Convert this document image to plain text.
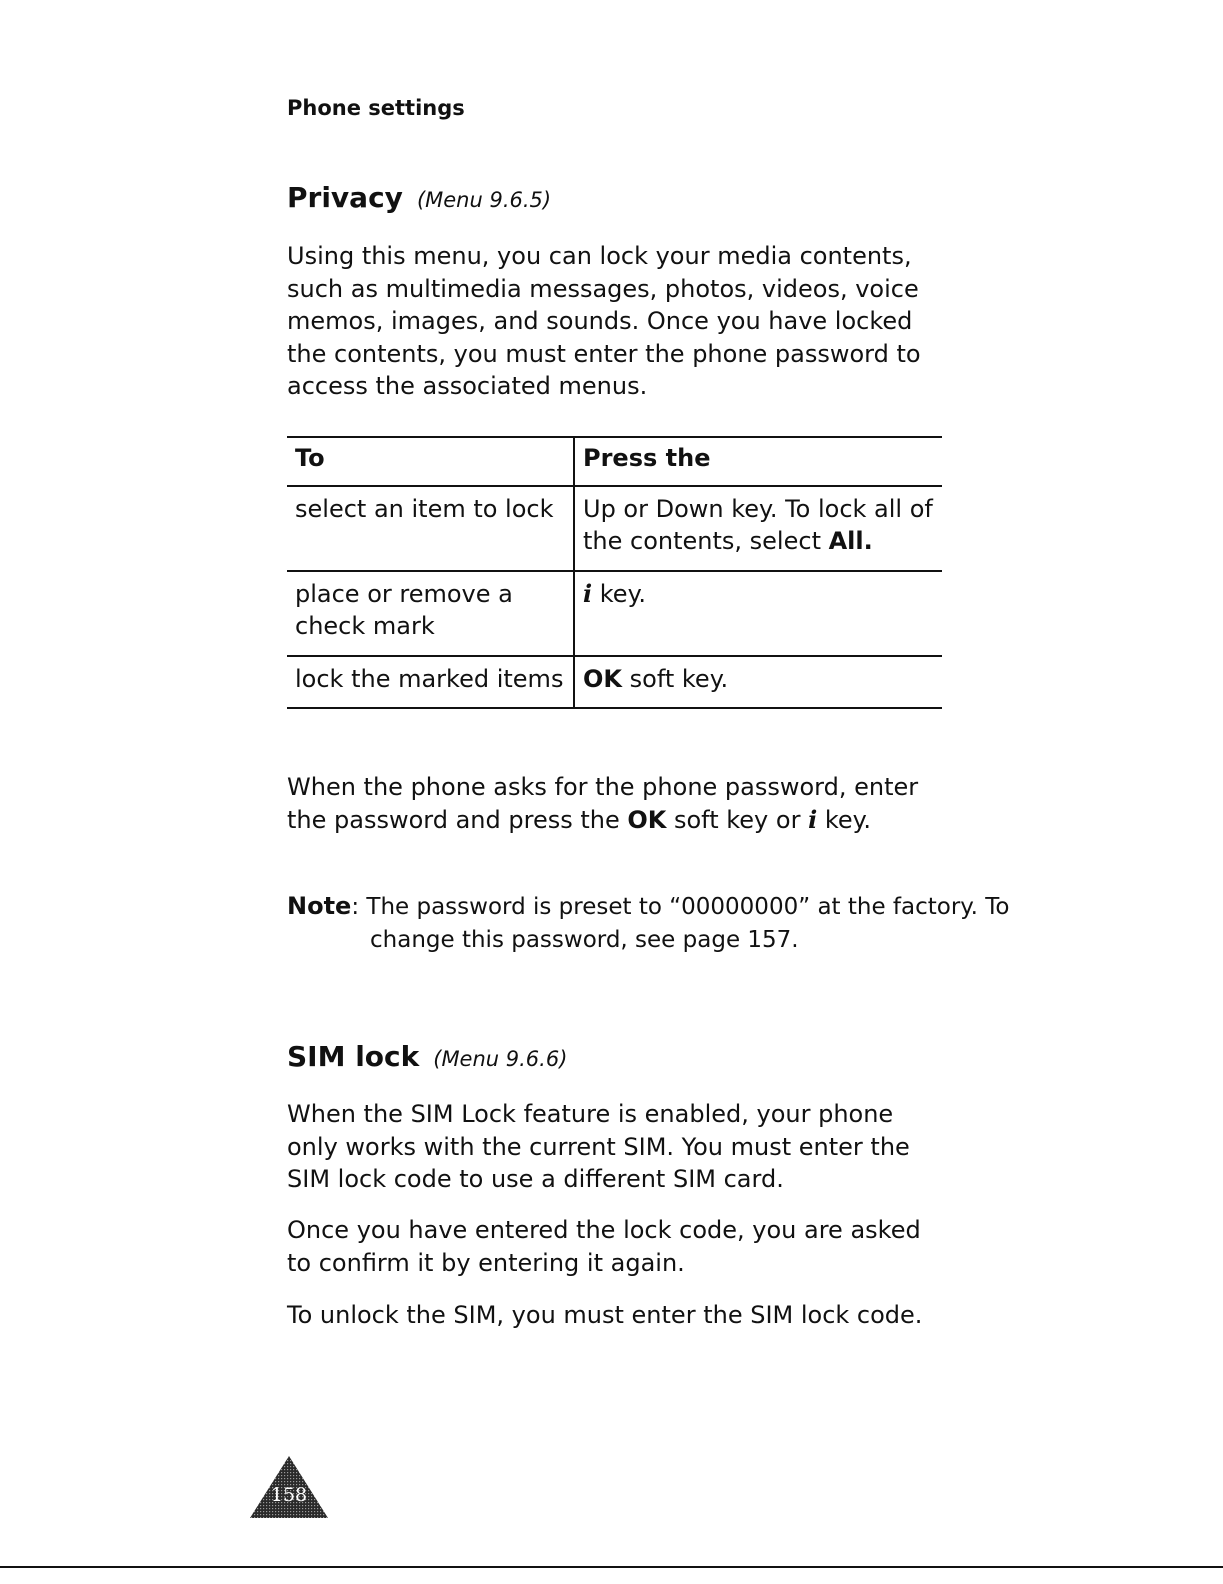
Phone settings
Privacy (Menu 9.6.5)

Using this menu, you can lock your media contents, such as multimedia messages, photos, videos, voice memos, images, and sounds. Once you have locked the contents, you must enter the phone password to access the associated menus.

To	Press the
select an item to lock	Up or Down key. To lock all of the contents, select All.
place or remove a check mark	i key.
lock the marked items	OK soft key.

When the phone asks for the phone password, enter the password and press the OK soft key or i key.

Note: The password is preset to “00000000” at the factory. To change this password, see page 157.

SIM lock (Menu 9.6.6)

When the SIM Lock feature is enabled, your phone only works with the current SIM. You must enter the SIM lock code to use a different SIM card.

Once you have entered the lock code, you are asked to confirm it by entering it again.

To unlock the SIM, you must enter the SIM lock code.

158
